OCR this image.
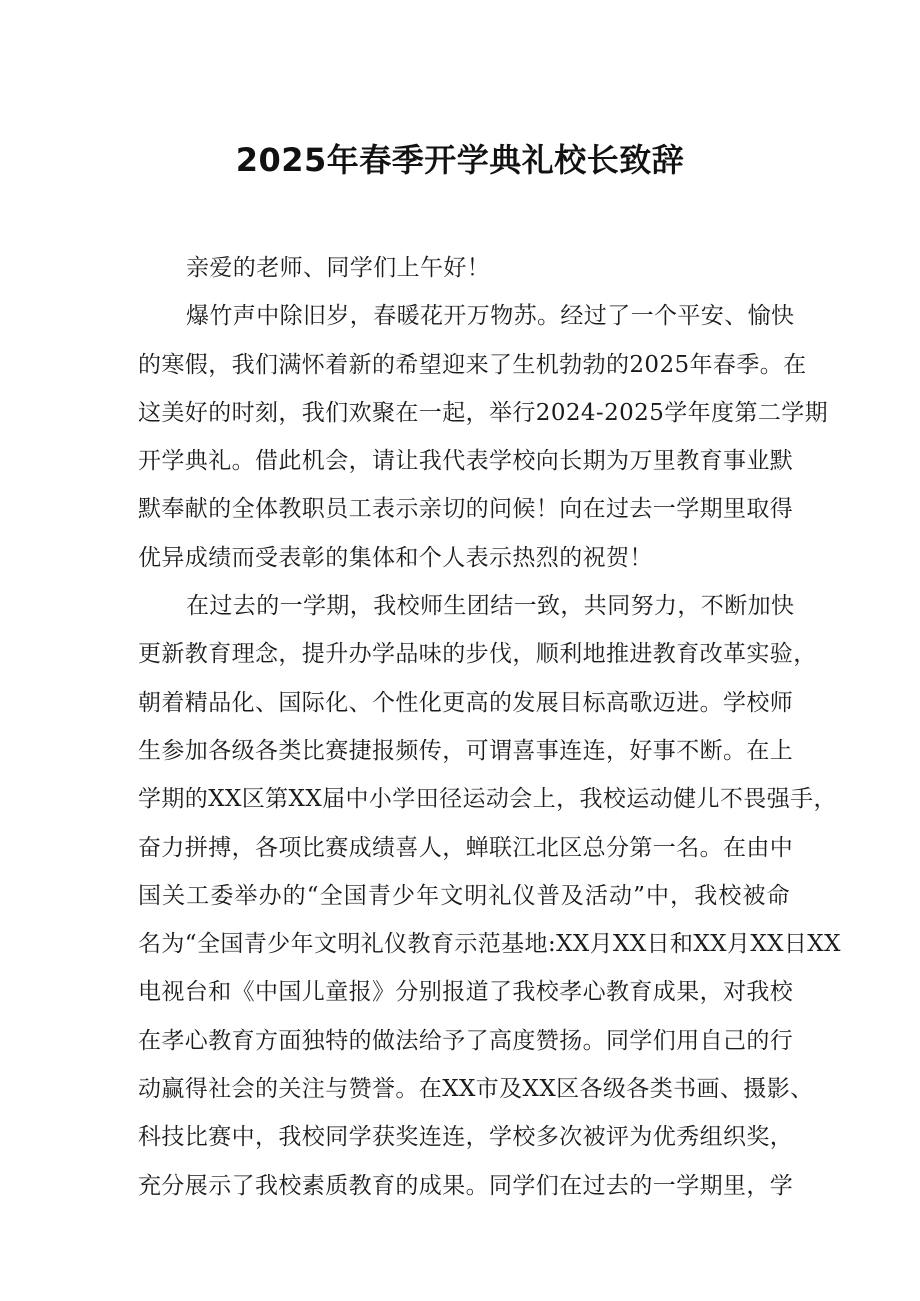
2025年春季开学典礼校长致辞
亲爱的老师、同学们上午好！
爆竹声中除旧岁，春暖花开万物苏。经过了一个平安、愉快
的寒假，我们满怀着新的希望迎来了生机勃勃的2025年春季。在
这美好的时刻，我们欢聚在一起，举行2024-2025学年度第二学期
开学典礼。借此机会，请让我代表学校向长期为万里教育事业默
默奉献的全体教职员工表示亲切的问候！向在过去一学期里取得
优异成绩而受表彰的集体和个人表示热烈的祝贺！
在过去的一学期，我校师生团结一致，共同努力，不断加快
更新教育理念，提升办学品味的步伐，顺利地推进教育改革实验，
朝着精品化、国际化、个性化更高的发展目标高歌迈进。学校师
生参加各级各类比赛捷报频传，可谓喜事连连，好事不断。在上
学期的XX区第XX届中小学田径运动会上，我校运动健儿不畏强手，
奋力拼搏，各项比赛成绩喜人，蝉联江北区总分第一名。在由中
国关工委举办的“全国青少年文明礼仪普及活动”中，我校被命
名为“全国青少年文明礼仪教育示范基地:XX月XX日和XX月XX日XX
电视台和《中国儿童报》分别报道了我校孝心教育成果，对我校
在孝心教育方面独特的做法给予了高度赞扬。同学们用自己的行
动赢得社会的关注与赞誉。在XX市及XX区各级各类书画、摄影、
科技比赛中，我校同学获奖连连，学校多次被评为优秀组织奖，
充分展示了我校素质教育的成果。同学们在过去的一学期里，学
